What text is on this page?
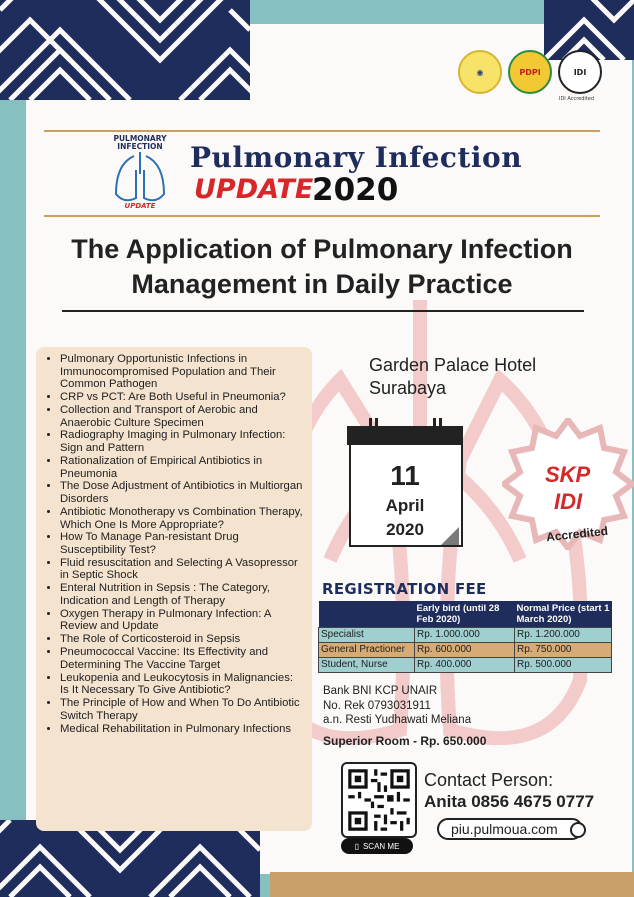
◉	PDPI	IDI
IDI Accredited
PULMONARY
INFECTION
UPDATE
Pulmonary Infection
UPDATE
2020
The Application of Pulmonary Infection
Management in Daily Practice
• Pulmonary Opportunistic Infections in Immunocompromised Population and Their Common Pathogen
• CRP vs PCT: Are Both Useful in Pneumonia?
• Collection and Transport of Aerobic and Anaerobic Culture Specimen
• Radiography Imaging in Pulmonary Infection: Sign and Pattern
• Rationalization of Empirical Antibiotics in Pneumonia
• The Dose Adjustment of Antibiotics in Multiorgan Disorders
• Antibiotic Monotherapy vs Combination Therapy, Which One Is More Appropriate?
• How To Manage Pan-resistant Drug Susceptibility Test?
• Fluid resuscitation and Selecting A Vasopressor in Septic Shock
• Enteral Nutrition in Sepsis : The Category, Indication and Length of Therapy
• Oxygen Therapy in Pulmonary Infection: A Review and Update
• The Role of Corticosteroid in Sepsis
• Pneumococcal Vaccine: Its Effectivity and Determining The Vaccine Target
• Leukopenia and Leukocytosis in Malignancies: Is It Necessary To Give Antibiotic?
• The Principle of How and When To Do Antibiotic Switch Therapy
• Medical Rehabilitation in Pulmonary Infections
Garden Palace Hotel
Surabaya
11
April
2020
SKP
IDI
Accredited
REGISTRATION FEE
	Early bird (until 28 Feb 2020)	Normal Price (start 1 March 2020)
Specialist	Rp. 1.000.000	Rp. 1.200.000
General Practioner	Rp. 600.000	Rp. 750.000
Student, Nurse	Rp. 400.000	Rp. 500.000
Bank BNI KCP UNAIR
No. Rek 0793031911
a.n. Resti Yudhawati Meliana
Superior Room - Rp. 650.000
▯ SCAN ME
Contact Person:
Anita 0856 4675 0777
piu.pulmoua.com
